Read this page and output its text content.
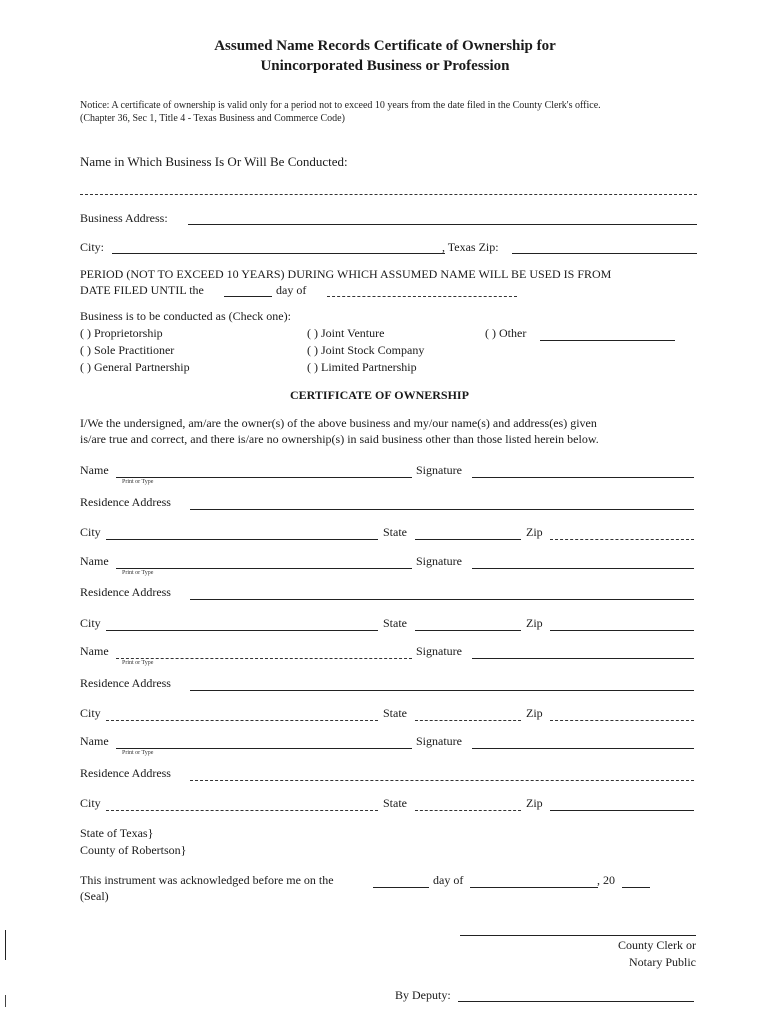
Assumed Name Records Certificate of Ownership for
Unincorporated Business or Profession
Notice: A certificate of ownership is valid only for a period not to exceed 10 years from the date filed in the County Clerk's office.
(Chapter 36, Sec 1, Title 4 - Texas Business and Commerce Code)
Name in Which Business Is Or Will Be Conducted:
Business Address:
City:	, Texas Zip:
PERIOD (NOT TO EXCEED 10 YEARS) DURING WHICH ASSUMED NAME WILL BE USED IS FROM
DATE FILED UNTIL the	day of
Business is to be conducted as (Check one):
( ) Proprietorship
( ) Sole Practitioner
( ) General Partnership
( ) Joint Venture
( ) Joint Stock Company
( ) Limited Partnership
( ) Other
CERTIFICATE OF OWNERSHIP
I/We the undersigned, am/are the owner(s) of the above business and my/our name(s) and address(es) given
is/are true and correct, and there is/are no ownership(s) in said business other than those listed herein below.
Name
Print or Type
Signature
Residence Address
City	State	Zip
Name
Print or Type
Signature
Residence Address
City	State	Zip
Name
Print or Type
Signature
Residence Address
City	State	Zip
Name
Print or Type
Signature
Residence Address
City	State	Zip
State of Texas}
County of Robertson}
This instrument was acknowledged before me on the	day of	, 20
(Seal)
County Clerk or
Notary Public
By Deputy:
